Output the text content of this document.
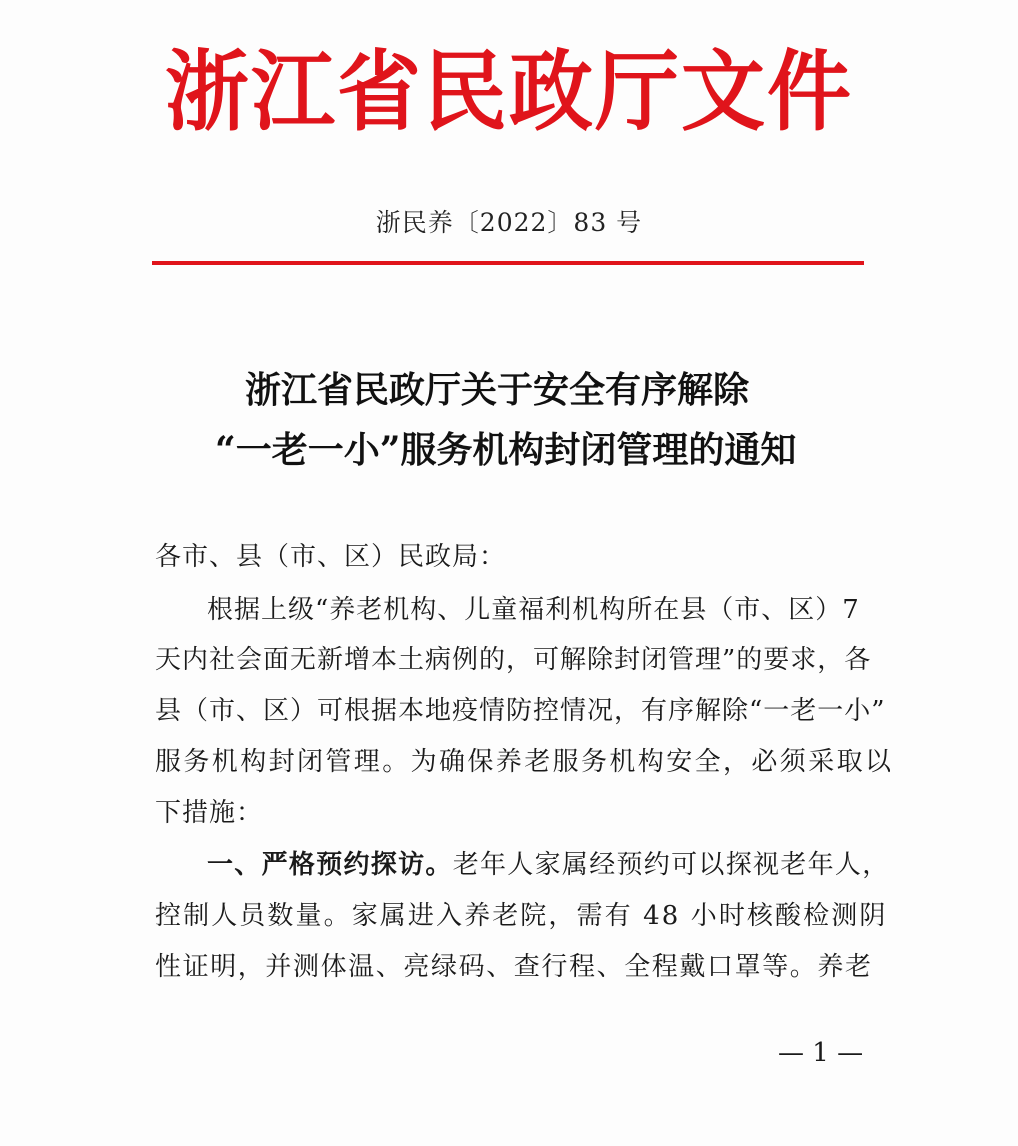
浙江省民政厅文件
浙民养〔2022〕83 号
浙江省民政厅关于安全有序解除
“一老一小”服务机构封闭管理的通知
各市、县（市、区）民政局：
根据上级“养老机构、儿童福利机构所在县（市、区）7
天内社会面无新增本土病例的，可解除封闭管理”的要求，各
县（市、区）可根据本地疫情防控情况，有序解除“一老一小”
服务机构封闭管理。为确保养老服务机构安全，必须采取以
下措施：
一、严格预约探访。老年人家属经预约可以探视老年人，
控制人员数量。家属进入养老院，需有 48 小时核酸检测阴
性证明，并测体温、亮绿码、查行程、全程戴口罩等。养老
— 1 —
